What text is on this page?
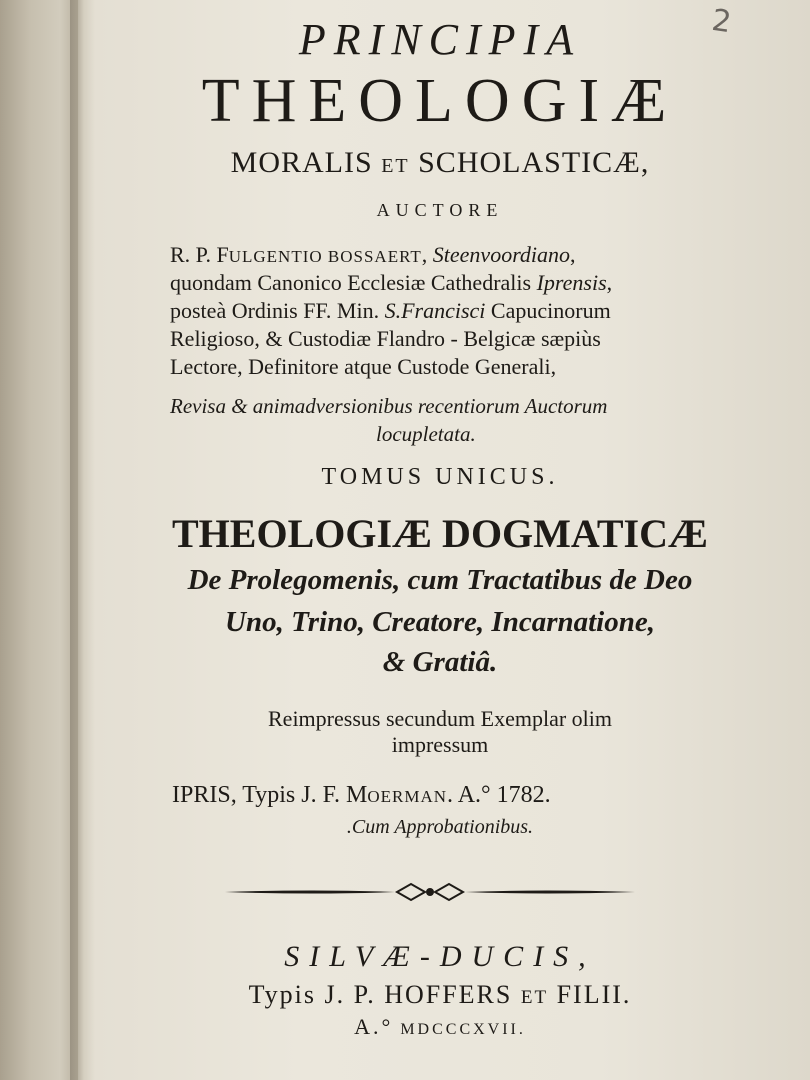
2
PRINCIPIA
THEOLOGIÆ
MORALIS ET SCHOLASTICÆ,
AUCTORE
R. P. FULGENTIO BOSSAERT, Steenvoordiano,
quondam Canonico Ecclesiæ Cathedralis Iprensis,
posteà Ordinis FF. Min. S.Francisci Capucinorum
Religioso, & Custodiæ Flandro - Belgicæ sæpiùs
Lectore, Definitore atque Custode Generali,
Revisa & animadversionibus recentiorum Auctorum
locupletata.
TOMUS UNICUS.
THEOLOGIÆ DOGMATICÆ
De Prolegomenis, cum Tractatibus de Deo
Uno, Trino, Creatore, Incarnatione,
& Gratiâ.
Reimpressus secundum Exemplar olim
impressum
IPRIS, Typis J. F. MOERMAN. A.° 1782.
.Cum Approbationibus.
SILVÆ-DUCIS,
Typis J. P. HOFFERS ET FILII.
A.° MDCCCXVII.
